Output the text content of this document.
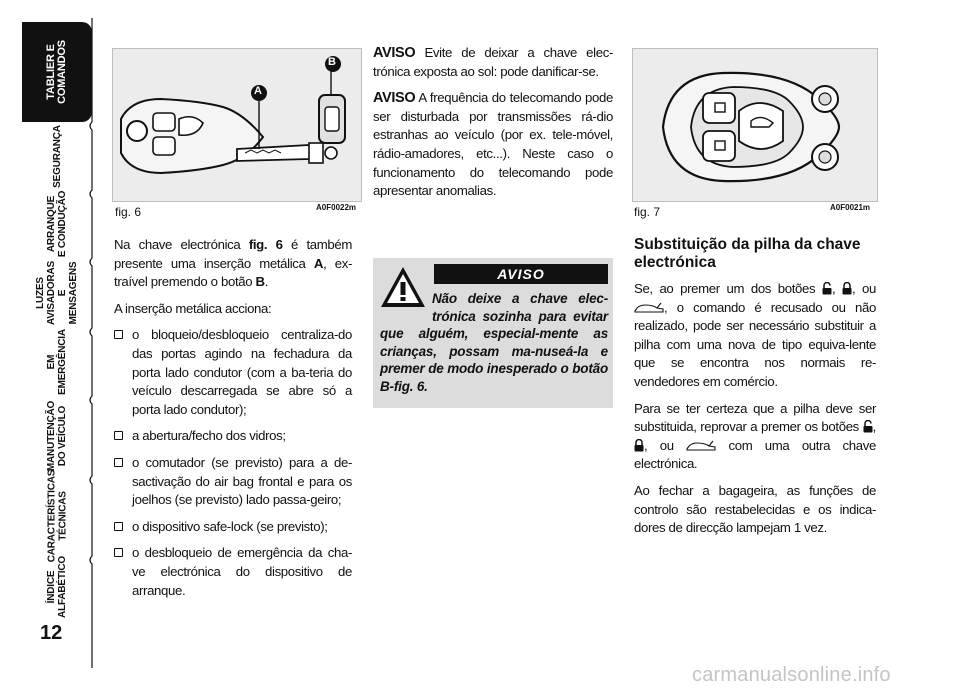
TABLIER E
COMANDOS
SEGURANÇA
ARRANQUE
E CONDUÇÃO
LUZES
AVISADORAS
E MENSAGENS
EM EMERGÊNCIA
MANUTENÇÃO
DO VEÍCULO
CARACTERÍSTICAS
TÉCNICAS
ÍNDICE
ALFABÉTICO
12
A
B
fig. 6	A0F0022m	fig. 7	A0F0021m

Na chave electrónica fig. 6 é também presente uma inserção metálica A, ex-traível premendo o botão B.

A inserção metálica acciona:

o bloqueio/desbloqueio centraliza-do das portas agindo na fechadura da porta lado condutor (com a ba-teria do veículo descarregada se abre só a porta lado condutor);
a abertura/fecho dos vidros;
o comutador (se previsto) para a de-sactivação do air bag frontal e para os joelhos (se previsto) lado passa-geiro;
o dispositivo safe-lock (se previsto);
o desbloqueio de emergência da cha-ve electrónica do dispositivo de arranque.

AVISO Evite de deixar a chave elec-trónica exposta ao sol: pode danificar-se.

AVISO A frequência do telecomando pode ser disturbada por transmissões rá-dio estranhas ao veículo (por ex. tele-móvel, rádio-amadores, etc...). Neste caso o funcionamento do telecomando pode apresentar anomalias.

AVISO
Não deixe a chave elec-trónica sozinha para evitar que alguém, especial-mente as crianças, possam ma-nuseá-la e premer de modo inesperado o botão B-fig. 6.
Substituição da pilha da chave electrónica

Se, ao premer um dos botões , , ou , o comando é recusado ou não realizado, pode ser necessário substituir a pilha com uma nova de tipo equiva-lente que se encontra nos normais re-vendedores em comércio.

Para se ter certeza que a pilha deve ser substituida, reprovar a premer os botões , , ou  com uma outra chave electrónica.

Ao fechar a bagageira, as funções de controlo são restabelecidas e os indica-dores de direcção lampejam 1 vez.

carmanualsonline.info
